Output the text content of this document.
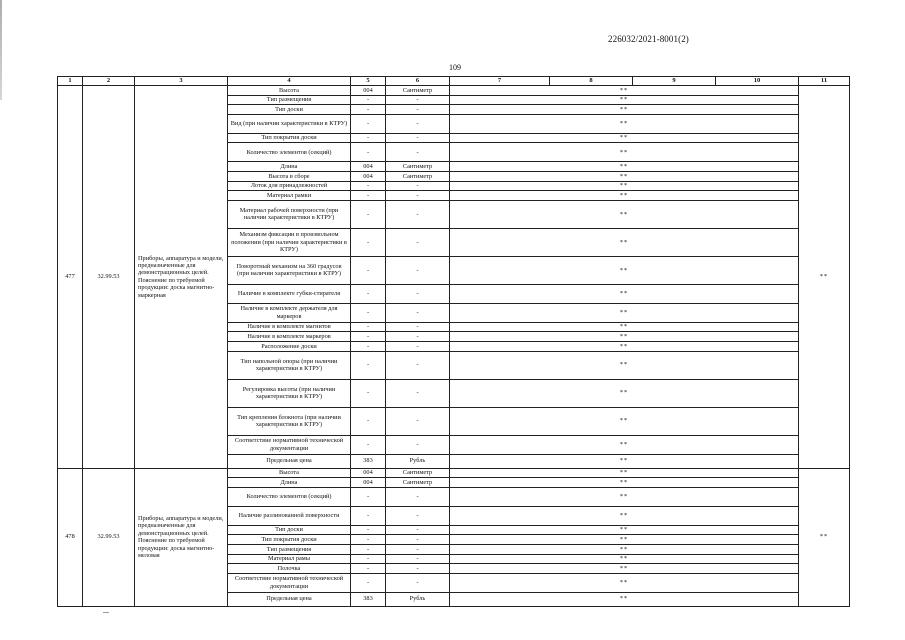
226032/2021-8001(2)
109
1	2	3	4	5	6	7	8	9	10	11
477	32.99.53	Приборы, аппаратура и модели, предназначенные для демонстрационных целей. Пояснение по требуемой продукции: доска магнитно-маркерная	Высота	004	Сантиметр	**				**
			Тип размещения	-	-	**				
			Тип доски	-	-	**				
			Вид (при наличии характеристики в КТРУ)	-	-	**				
			Тип покрытия доски	-	-	**				
			Количество элементов (секций)	-	-	**				
			Длина	004	Сантиметр	**				
			Высота в сборе	004	Сантиметр	**				
			Лоток для принадлежностей	-	-	**				
			Материал рамки	-	-	**				
			Материал рабочей поверхности (при наличии характеристики в КТРУ)	-	-	**				
			Механизм фиксации в произвольном положении (при наличии характеристики в КТРУ)	-	-	**				
			Поворотный механизм на 360 градусов (при наличии характеристики в КТРУ)	-	-	**				
			Наличие в комплекте губки-стирателя	-	-	**				
			Наличие в комплекте держателя для маркеров	-	-	**				
			Наличие в комплекте магнитов	-	-	**				
			Наличие в комплекте маркеров	-	-	**				
			Расположение доски	-	-	**				
			Тип напольной опоры (при наличии характеристики в КТРУ)	-	-	**				
			Регулировка высоты (при наличии характеристики в КТРУ)	-	-	**				
			Тип крепления блокнота (при наличии характеристики в КТРУ)	-	-	**				
			Соответствие нормативной технической документации	-	-	**				
			Предельная цена	383	Рубль	**				
478	32.99.53	Приборы, аппаратура и модели, предназначенные для демонстрационных целей. Пояснение по требуемой продукции: доска магнитно-меловая	Высота	004	Сантиметр	**				**
			Длина	004	Сантиметр	**				
			Количество элементов (секций)	-	-	**				
			Наличие разлинованной поверхности	-	-	**				
			Тип доски	-	-	**				
			Тип покрытия доски	-	-	**				
			Тип размещения	-	-	**				
			Материал рамы	-	-	**				
			Полочка	-	-	**				
			Соответствие нормативной технической документации	-	-	**				
			Предельная цена	383	Рубль	**				
